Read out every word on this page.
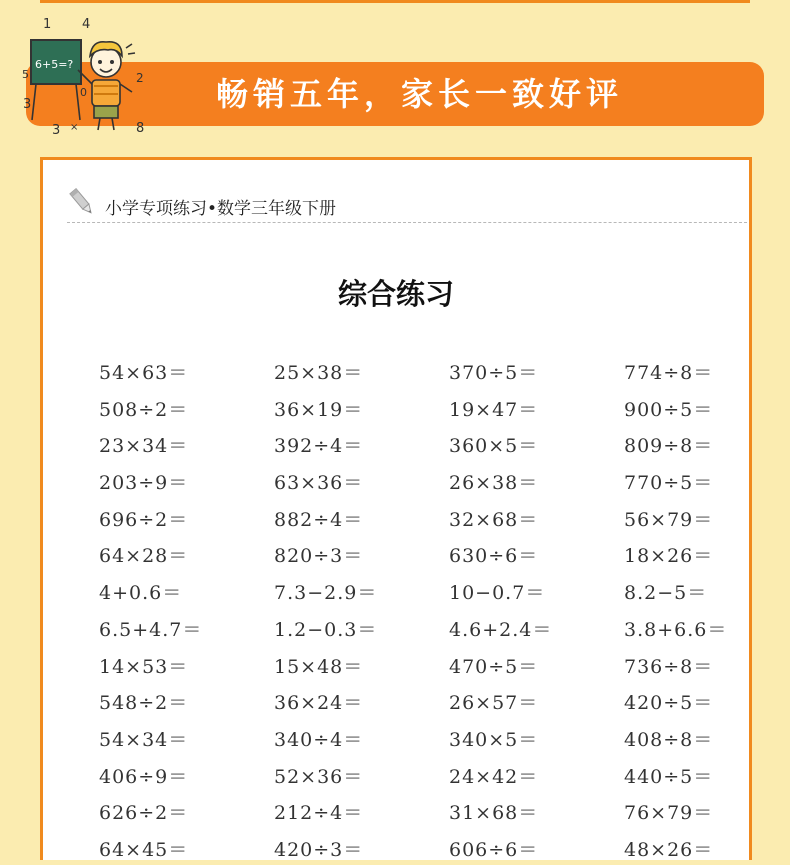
畅销五年，家长一致好评
1 4
3
5	2
0
8
3 ×
6+5=?
小学专项练习•数学三年级下册
综合练习
54×63＝	25×38＝	370÷5＝	774÷8＝
508÷2＝	36×19＝	19×47＝	900÷5＝
23×34＝	392÷4＝	360×5＝	809÷8＝
203÷9＝	63×36＝	26×38＝	770÷5＝
696÷2＝	882÷4＝	32×68＝	56×79＝
64×28＝	820÷3＝	630÷6＝	18×26＝
4+0.6＝	7.3−2.9＝	10−0.7＝	8.2−5＝
6.5+4.7＝	1.2−0.3＝	4.6+2.4＝	3.8+6.6＝
14×53＝	15×48＝	470÷5＝	736÷8＝
548÷2＝	36×24＝	26×57＝	420÷5＝
54×34＝	340÷4＝	340×5＝	408÷8＝
406÷9＝	52×36＝	24×42＝	440÷5＝
626÷2＝	212÷4＝	31×68＝	76×79＝
64×45＝	420÷3＝	606÷6＝	48×26＝
